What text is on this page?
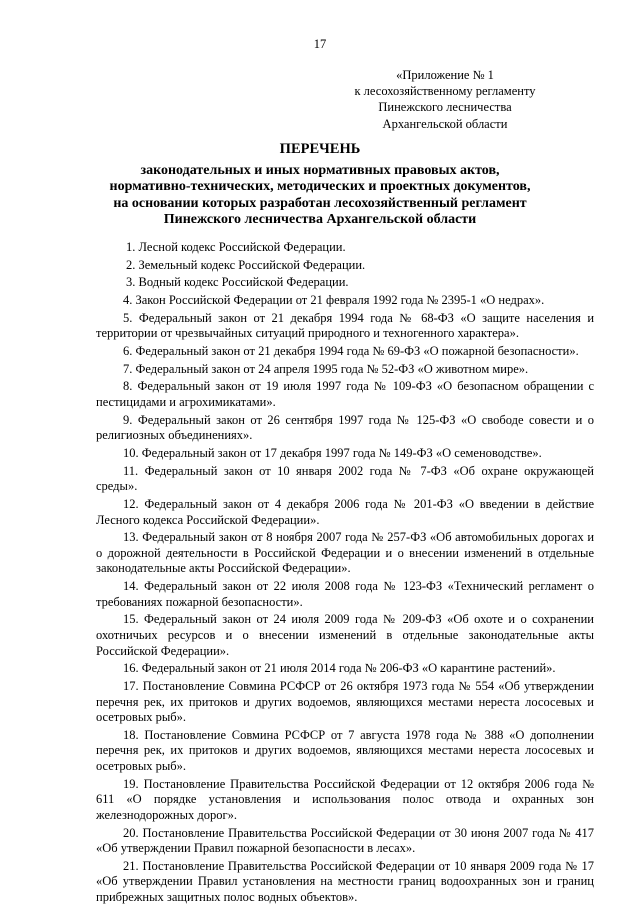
17
«Приложение № 1
к лесохозяйственному регламенту
Пинежского лесничества
Архангельской области
ПЕРЕЧЕНЬ
законодательных и иных нормативных правовых актов,
нормативно-технических, методических и проектных документов,
на основании которых разработан лесохозяйственный регламент
Пинежского лесничества Архангельской области
1. Лесной кодекс Российской Федерации.
2. Земельный кодекс Российской Федерации.
3. Водный кодекс Российской Федерации.
4. Закон Российской Федерации от 21 февраля 1992 года № 2395-1 «О недрах».
5. Федеральный закон от 21 декабря 1994 года № 68-ФЗ «О защите населения и территории от чрезвычайных ситуаций природного и техногенного характера».
6. Федеральный закон от 21 декабря 1994 года № 69-ФЗ «О пожарной безопасности».
7. Федеральный закон от 24 апреля 1995 года № 52-ФЗ «О животном мире».
8. Федеральный закон от 19 июля 1997 года № 109-ФЗ «О безопасном обращении с пестицидами и агрохимикатами».
9. Федеральный закон от 26 сентября 1997 года № 125-ФЗ «О свободе совести и о религиозных объединениях».
10. Федеральный закон от 17 декабря 1997 года № 149-ФЗ «О семеноводстве».
11. Федеральный закон от 10 января 2002 года № 7-ФЗ «Об охране окружающей среды».
12. Федеральный закон от 4 декабря 2006 года № 201-ФЗ «О введении в действие Лесного кодекса Российской Федерации».
13. Федеральный закон от 8 ноября 2007 года № 257-ФЗ «Об автомобильных дорогах и о дорожной деятельности в Российской Федерации и о внесении изменений в отдельные законодательные акты Российской Федерации».
14. Федеральный закон от 22 июля 2008 года № 123-ФЗ «Технический регламент о требованиях пожарной безопасности».
15. Федеральный закон от 24 июля 2009 года № 209-ФЗ «Об охоте и о сохранении охотничьих ресурсов и о внесении изменений в отдельные законодательные акты Российской Федерации».
16. Федеральный закон от 21 июля 2014 года № 206-ФЗ «О карантине растений».
17. Постановление Совмина РСФСР от 26 октября 1973 года № 554 «Об утверждении перечня рек, их притоков и других водоемов, являющихся местами нереста лососевых и осетровых рыб».
18. Постановление Совмина РСФСР от 7 августа 1978 года № 388 «О дополнении перечня рек, их притоков и других водоемов, являющихся местами нереста лососевых и осетровых рыб».
19. Постановление Правительства Российской Федерации от 12 октября 2006 года № 611 «О порядке установления и использования полос отвода и охранных зон железнодорожных дорог».
20. Постановление Правительства Российской Федерации от 30 июня 2007 года № 417 «Об утверждении Правил пожарной безопасности в лесах».
21. Постановление Правительства Российской Федерации от 10 января 2009 года № 17 «Об утверждении Правил установления на местности границ водоохранных зон и границ прибрежных защитных полос водных объектов».
